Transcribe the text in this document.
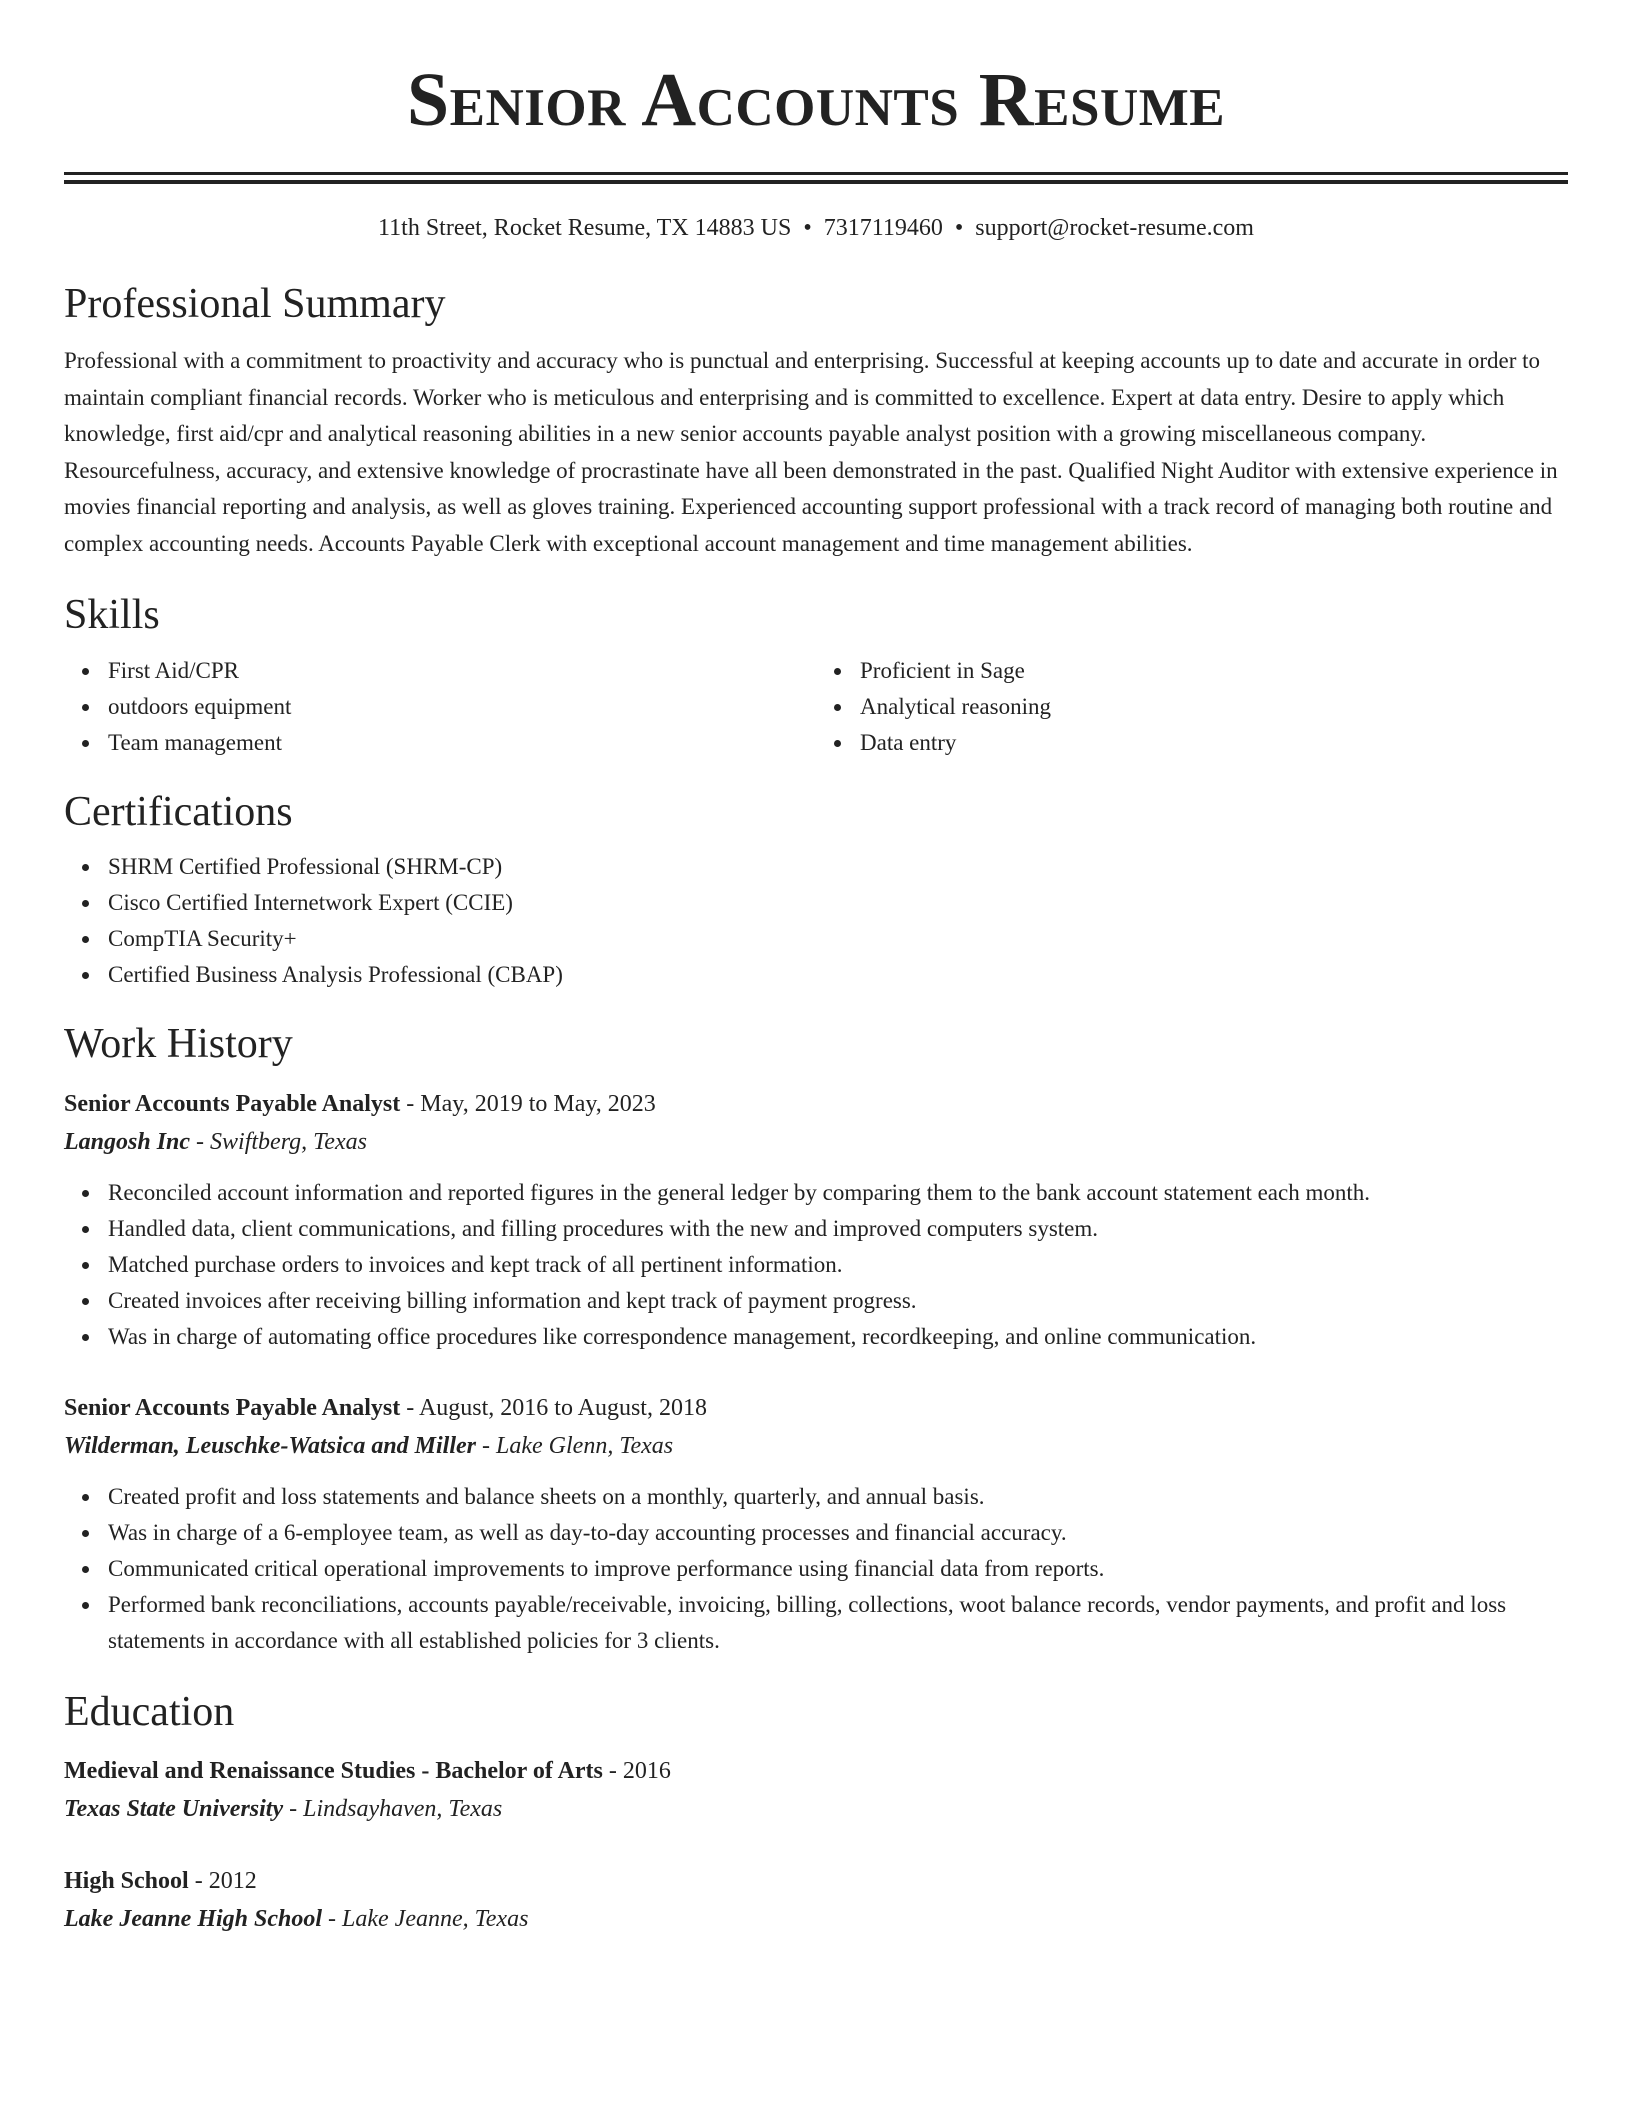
Senior Accounts Resume
11th Street, Rocket Resume, TX 14883 US • 7317119460 • support@rocket-resume.com
Professional Summary
Professional with a commitment to proactivity and accuracy who is punctual and enterprising. Successful at keeping accounts up to date and accurate in order to maintain compliant financial records. Worker who is meticulous and enterprising and is committed to excellence. Expert at data entry. Desire to apply which knowledge, first aid/cpr and analytical reasoning abilities in a new senior accounts payable analyst position with a growing miscellaneous company. Resourcefulness, accuracy, and extensive knowledge of procrastinate have all been demonstrated in the past. Qualified Night Auditor with extensive experience in movies financial reporting and analysis, as well as gloves training. Experienced accounting support professional with a track record of managing both routine and complex accounting needs. Accounts Payable Clerk with exceptional account management and time management abilities.
Skills
First Aid/CPR
outdoors equipment
Team management
Proficient in Sage
Analytical reasoning
Data entry
Certifications
SHRM Certified Professional (SHRM-CP)
Cisco Certified Internetwork Expert (CCIE)
CompTIA Security+
Certified Business Analysis Professional (CBAP)
Work History
Senior Accounts Payable Analyst - May, 2019 to May, 2023
Langosh Inc - Swiftberg, Texas
Reconciled account information and reported figures in the general ledger by comparing them to the bank account statement each month.
Handled data, client communications, and filling procedures with the new and improved computers system.
Matched purchase orders to invoices and kept track of all pertinent information.
Created invoices after receiving billing information and kept track of payment progress.
Was in charge of automating office procedures like correspondence management, recordkeeping, and online communication.
Senior Accounts Payable Analyst - August, 2016 to August, 2018
Wilderman, Leuschke-Watsica and Miller - Lake Glenn, Texas
Created profit and loss statements and balance sheets on a monthly, quarterly, and annual basis.
Was in charge of a 6-employee team, as well as day-to-day accounting processes and financial accuracy.
Communicated critical operational improvements to improve performance using financial data from reports.
Performed bank reconciliations, accounts payable/receivable, invoicing, billing, collections, woot balance records, vendor payments, and profit and loss statements in accordance with all established policies for 3 clients.
Education
Medieval and Renaissance Studies - Bachelor of Arts - 2016
Texas State University - Lindsayhaven, Texas
High School - 2012
Lake Jeanne High School - Lake Jeanne, Texas
